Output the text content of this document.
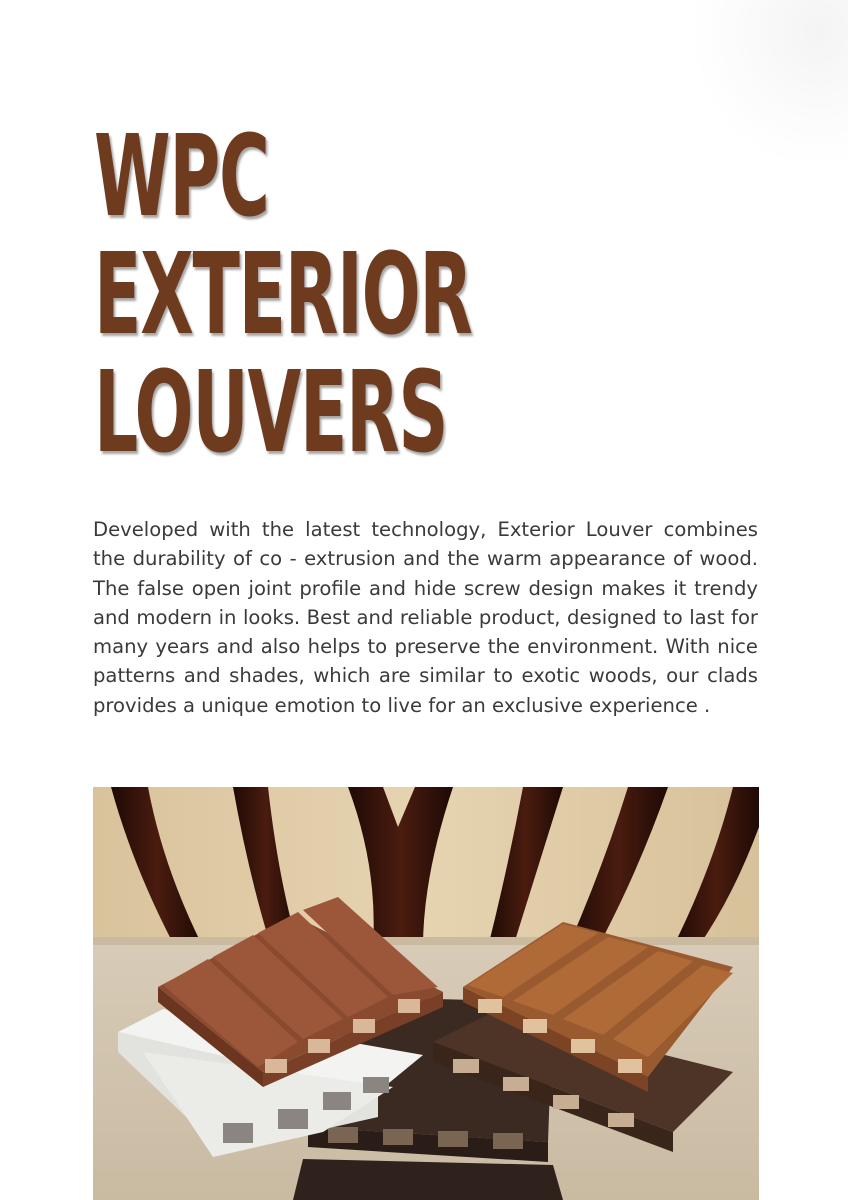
WPC
EXTERIOR
LOUVERS

Developed with the latest technology, Exterior Louver combines the durability of co - extrusion and the warm appearance of wood. The false open joint profile and hide screw design makes it trendy and modern in looks. Best and reliable product, designed to last for many years and also helps to preserve the environment. With nice patterns and shades, which are similar to exotic woods, our clads provides a unique emotion to live for an exclusive experience .
